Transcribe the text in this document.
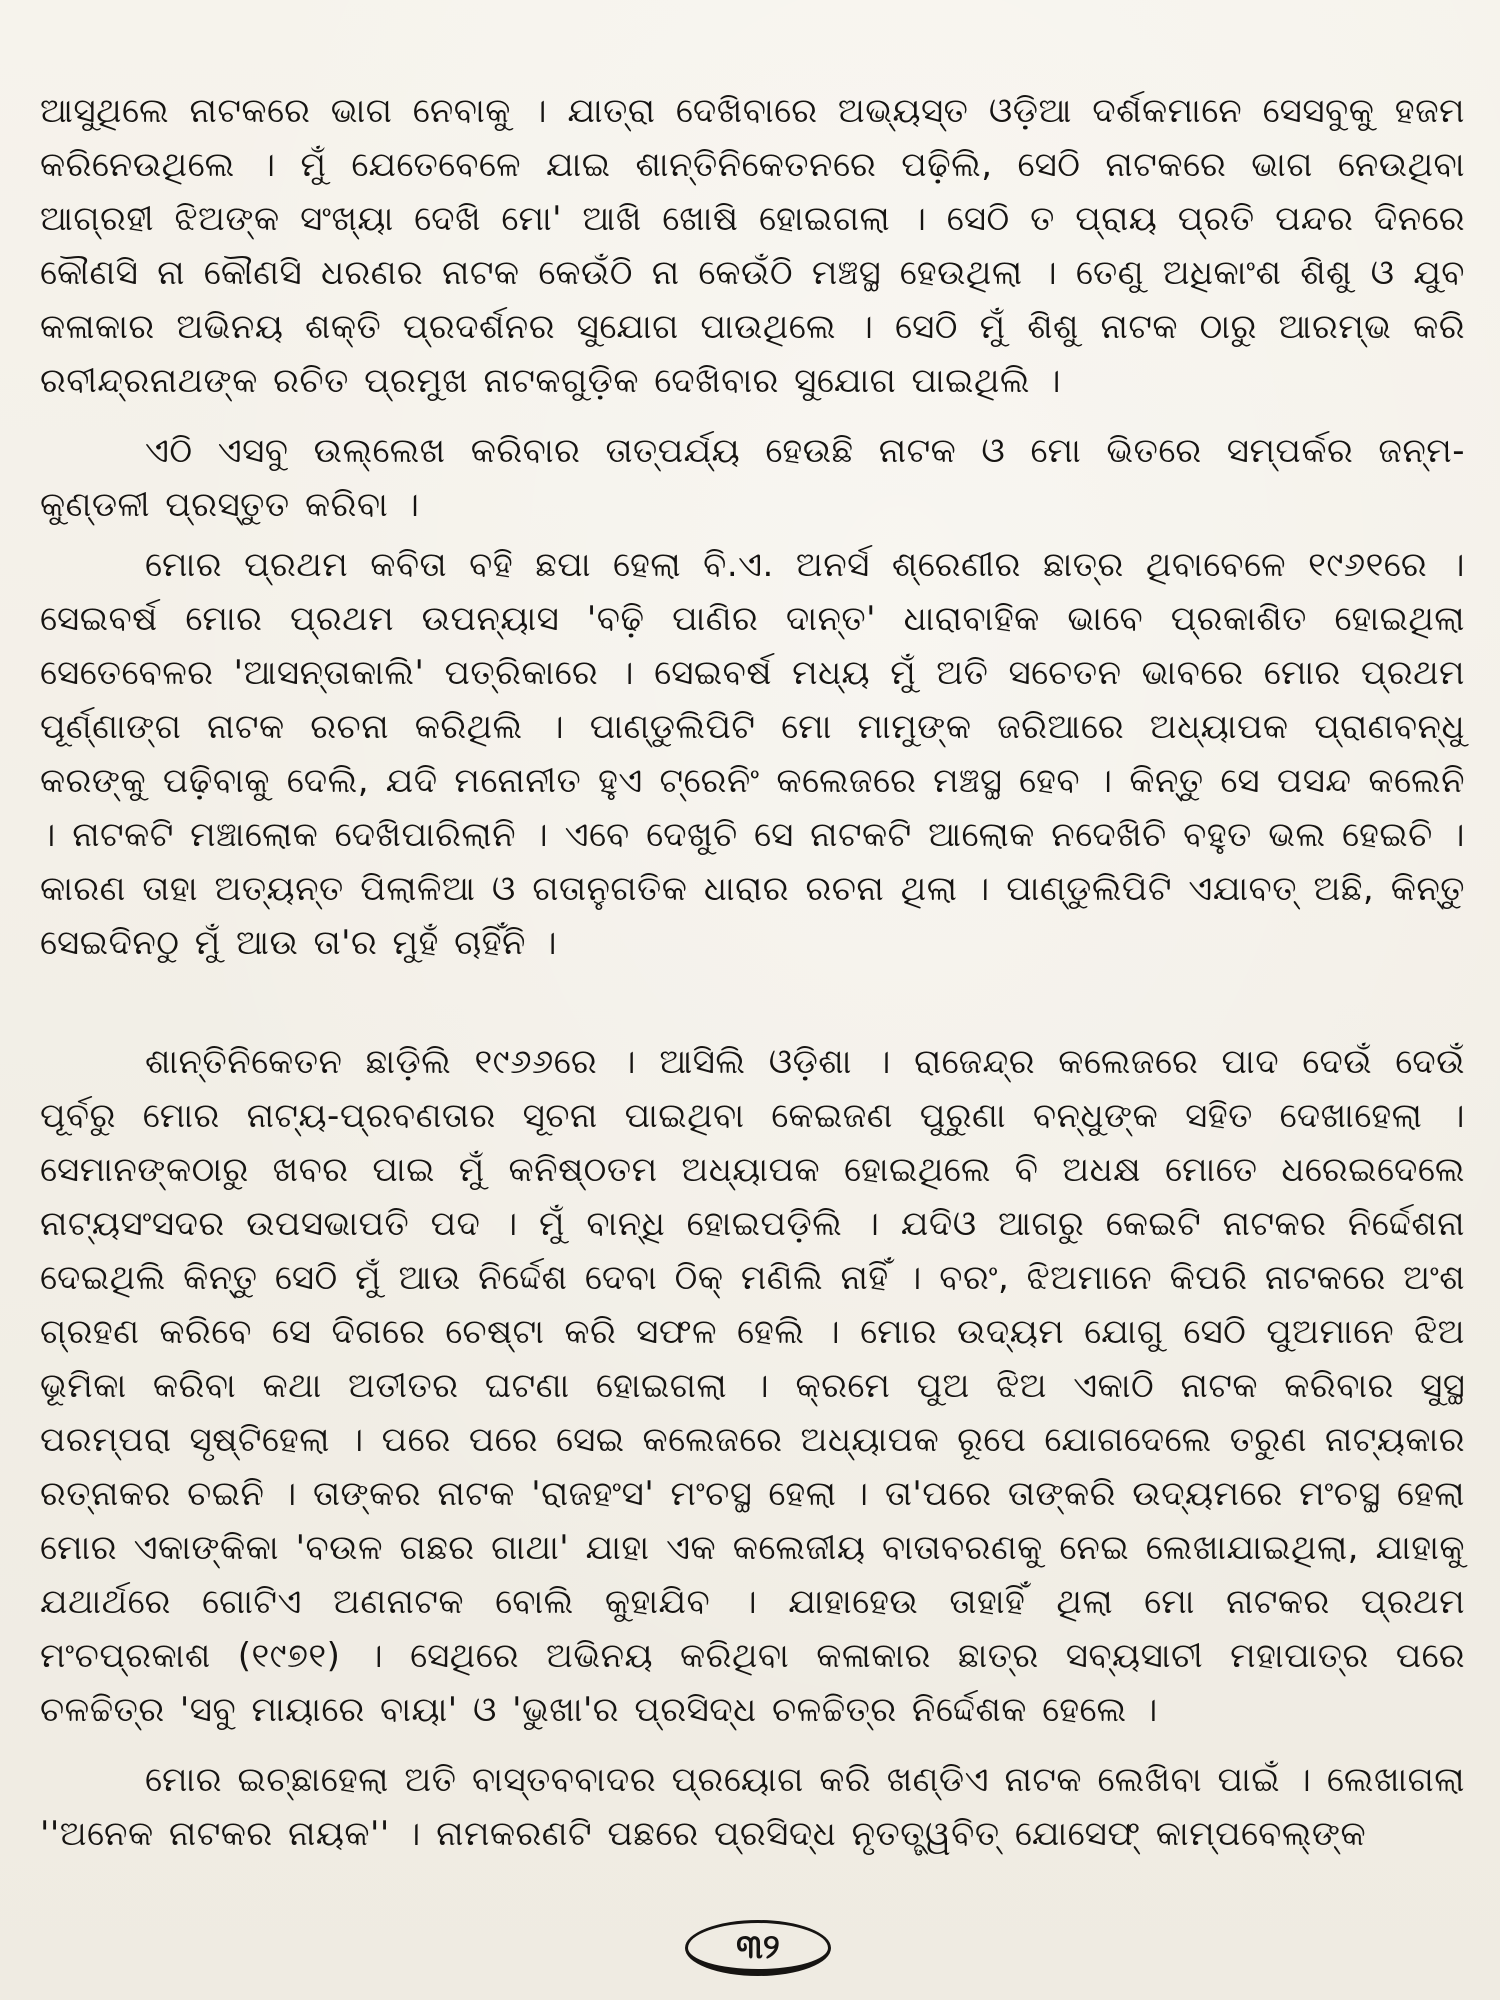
ଆସୁଥିଲେ ନାଟକରେ ଭାଗ ନେବାକୁ । ଯାତ୍ରା ଦେଖିବାରେ ଅଭ୍ୟସ୍ତ ଓଡ଼ିଆ ଦର୍ଶକମାନେ ସେସବୁକୁ ହଜମ କରିନେଉଥିଲେ । ମୁଁ ଯେତେବେଳେ ଯାଇ ଶାନ୍ତିନିକେତନରେ ପଢ଼ିଲି, ସେଠି ନାଟକରେ ଭାଗ ନେଉଥିବା ଆଗ୍ରହୀ ଝିଅଙ୍କ ସଂଖ୍ୟା ଦେଖି ମୋ' ଆଖି ଖୋଷି ହୋଇଗଲା । ସେଠି ତ ପ୍ରାୟ ପ୍ରତି ପନ୍ଦର ଦିନରେ କୌଣସି ନା କୌଣସି ଧରଣର ନାଟକ କେଉଁଠି ନା କେଉଁଠି ମଞ୍ଚସ୍ଥ ହେଉଥିଲା । ତେଣୁ ଅଧିକାଂଶ ଶିଶୁ ଓ ଯୁବ କଳାକାର ଅଭିନୟ ଶକ୍ତି ପ୍ରଦର୍ଶନର ସୁଯୋଗ ପାଉଥିଲେ । ସେଠି ମୁଁ ଶିଶୁ ନାଟକ ଠାରୁ ଆରମ୍ଭ କରି ରବୀନ୍ଦ୍ରନାଥଙ୍କ ରଚିତ ପ୍ରମୁଖ ନାଟକଗୁଡ଼ିକ ଦେଖିବାର ସୁଯୋଗ ପାଇଥିଲି ।

ଏଠି ଏସବୁ ଉଲ୍ଲେଖ କରିବାର ତାତ୍ପର୍ଯ୍ୟ ହେଉଛି ନାଟକ ଓ ମୋ ଭିତରେ ସମ୍ପର୍କର ଜନ୍ମ-କୁଣ୍ଡଳୀ ପ୍ରସ୍ତୁତ କରିବା ।

ମୋର ପ୍ରଥମ କବିତା ବହି ଛପା ହେଲା ବି.ଏ. ଅନର୍ସ ଶ୍ରେଣୀର ଛାତ୍ର ଥିବାବେଳେ ୧୯୬୧ରେ । ସେଇବର୍ଷ ମୋର ପ୍ରଥମ ଉପନ୍ୟାସ 'ବଢ଼ି ପାଣିର ଦାନ୍ତ' ଧାରାବାହିକ ଭାବେ ପ୍ରକାଶିତ ହୋଇଥିଲା ସେତେବେଳର 'ଆସନ୍ତାକାଲି' ପତ୍ରିକାରେ । ସେଇବର୍ଷ ମଧ୍ୟ ମୁଁ ଅତି ସଚେତନ ଭାବରେ ମୋର ପ୍ରଥମ ପୂର୍ଣ୍ଣାଙ୍ଗ ନାଟକ ରଚନା କରିଥିଲି । ପାଣ୍ଡୁଲିପିଟି ମୋ ମାମୁଙ୍କ ଜରିଆରେ ଅଧ୍ୟାପକ ପ୍ରାଣବନ୍ଧୁ କରଙ୍କୁ ପଢ଼ିବାକୁ ଦେଲି, ଯଦି ମନୋନୀତ ହୁଏ ଟ୍ରେନିଂ କଲେଜରେ ମଞ୍ଚସ୍ଥ ହେବ । କିନ୍ତୁ ସେ ପସନ୍ଦ କଲେନି । ନାଟକଟି ମଞ୍ଚାଲୋକ ଦେଖିପାରିଲାନି । ଏବେ ଦେଖୁଚି ସେ ନାଟକଟି ଆଲୋକ ନଦେଖିଚି ବହୁତ ଭଲ ହେଇଚି । କାରଣ ତାହା ଅତ୍ୟନ୍ତ ପିଲାଳିଆ ଓ ଗତାନୁଗତିକ ଧାରାର ରଚନା ଥିଲା । ପାଣ୍ଡୁଲିପିଟି ଏଯାବତ୍ ଅଛି, କିନ୍ତୁ ସେଇଦିନଠୁ ମୁଁ ଆଉ ତା'ର ମୁହଁ ଚାହିଁନି ।

ଶାନ୍ତିନିକେତନ ଛାଡ଼ିଲି ୧୯୬୬ରେ । ଆସିଲି ଓଡ଼ିଶା । ରାଜେନ୍ଦ୍ର କଲେଜରେ ପାଦ ଦେଉଁ ଦେଉଁ ପୂର୍ବରୁ ମୋର ନାଟ୍ୟ-ପ୍ରବଣତାର ସୂଚନା ପାଇଥିବା କେଇଜଣ ପୁରୁଣା ବନ୍ଧୁଙ୍କ ସହିତ ଦେଖାହେଲା । ସେମାନଙ୍କଠାରୁ ଖବର ପାଇ ମୁଁ କନିଷ୍ଠତମ ଅଧ୍ୟାପକ ହୋଇଥିଲେ ବି ଅଧକ୍ଷ ମୋତେ ଧରେଇଦେଲେ ନାଟ୍ୟସଂସଦର ଉପସଭାପତି ପଦ । ମୁଁ ବାନ୍ଧି ହୋଇପଡ଼ିଲି । ଯଦିଓ ଆଗରୁ କେଇଟି ନାଟକର ନିର୍ଦ୍ଦେଶନା ଦେଇଥିଲି କିନ୍ତୁ ସେଠି ମୁଁ ଆଉ ନିର୍ଦ୍ଦେଶ ଦେବା ଠିକ୍ ମଣିଲି ନାହିଁ । ବରଂ, ଝିଅମାନେ କିପରି ନାଟକରେ ଅଂଶ ଗ୍ରହଣ କରିବେ ସେ ଦିଗରେ ଚେଷ୍ଟା କରି ସଫଳ ହେଲି । ମୋର ଉଦ୍ୟମ ଯୋଗୁ ସେଠି ପୁଅମାନେ ଝିଅ ଭୂମିକା କରିବା କଥା ଅତୀତର ଘଟଣା ହୋଇଗଲା । କ୍ରମେ ପୁଅ ଝିଅ ଏକାଠି ନାଟକ କରିବାର ସୁସ୍ଥ ପରମ୍ପରା ସୃଷ୍ଟିହେଲା । ପରେ ପରେ ସେଇ କଲେଜରେ ଅଧ୍ୟାପକ ରୂପେ ଯୋଗଦେଲେ ତରୁଣ ନାଟ୍ୟକାର ରତ୍ନାକର ଚଇନି । ତାଙ୍କର ନାଟକ 'ରାଜହଂସ' ମଂଚସ୍ଥ ହେଲା । ତା'ପରେ ତାଙ୍କରି ଉଦ୍ୟମରେ ମଂଚସ୍ଥ ହେଲା ମୋର ଏକାଙ୍କିକା 'ବଉଳ ଗଛର ଗାଥା' ଯାହା ଏକ କଲେଜୀୟ ବାତାବରଣକୁ ନେଇ ଲେଖାଯାଇଥିଲା, ଯାହାକୁ ଯଥାର୍ଥରେ ଗୋଟିଏ ଅଣନାଟକ ବୋଲି କୁହାଯିବ । ଯାହାହେଉ ତାହାହିଁ ଥିଲା ମୋ ନାଟକର ପ୍ରଥମ ମଂଚପ୍ରକାଶ (୧୯୭୧) । ସେଥିରେ ଅଭିନୟ କରିଥିବା କଳାକାର ଛାତ୍ର ସବ୍ୟସାଚୀ ମହାପାତ୍ର ପରେ ଚଳଚ୍ଚିତ୍ର 'ସବୁ ମାୟାରେ ବାୟା' ଓ 'ଭୁଖା'ର ପ୍ରସିଦ୍ଧ ଚଳଚ୍ଚିତ୍ର ନିର୍ଦ୍ଦେଶକ ହେଲେ ।

ମୋର ଇଚ୍ଛାହେଲା ଅତି ବାସ୍ତବବାଦର ପ୍ରୟୋଗ କରି ଖଣ୍ଡିଏ ନାଟକ ଲେଖିବା ପାଇଁ । ଲେଖାଗଲା ''ଅନେକ ନାଟକର ନାୟକ'' । ନାମକରଣଟି ପଛରେ ପ୍ରସିଦ୍ଧ ନୃତତ୍ତ୍ୱବିତ୍ ଯୋସେଫ୍ କାମ୍ପବେଲ୍‌ଙ୍କ

୩୨
